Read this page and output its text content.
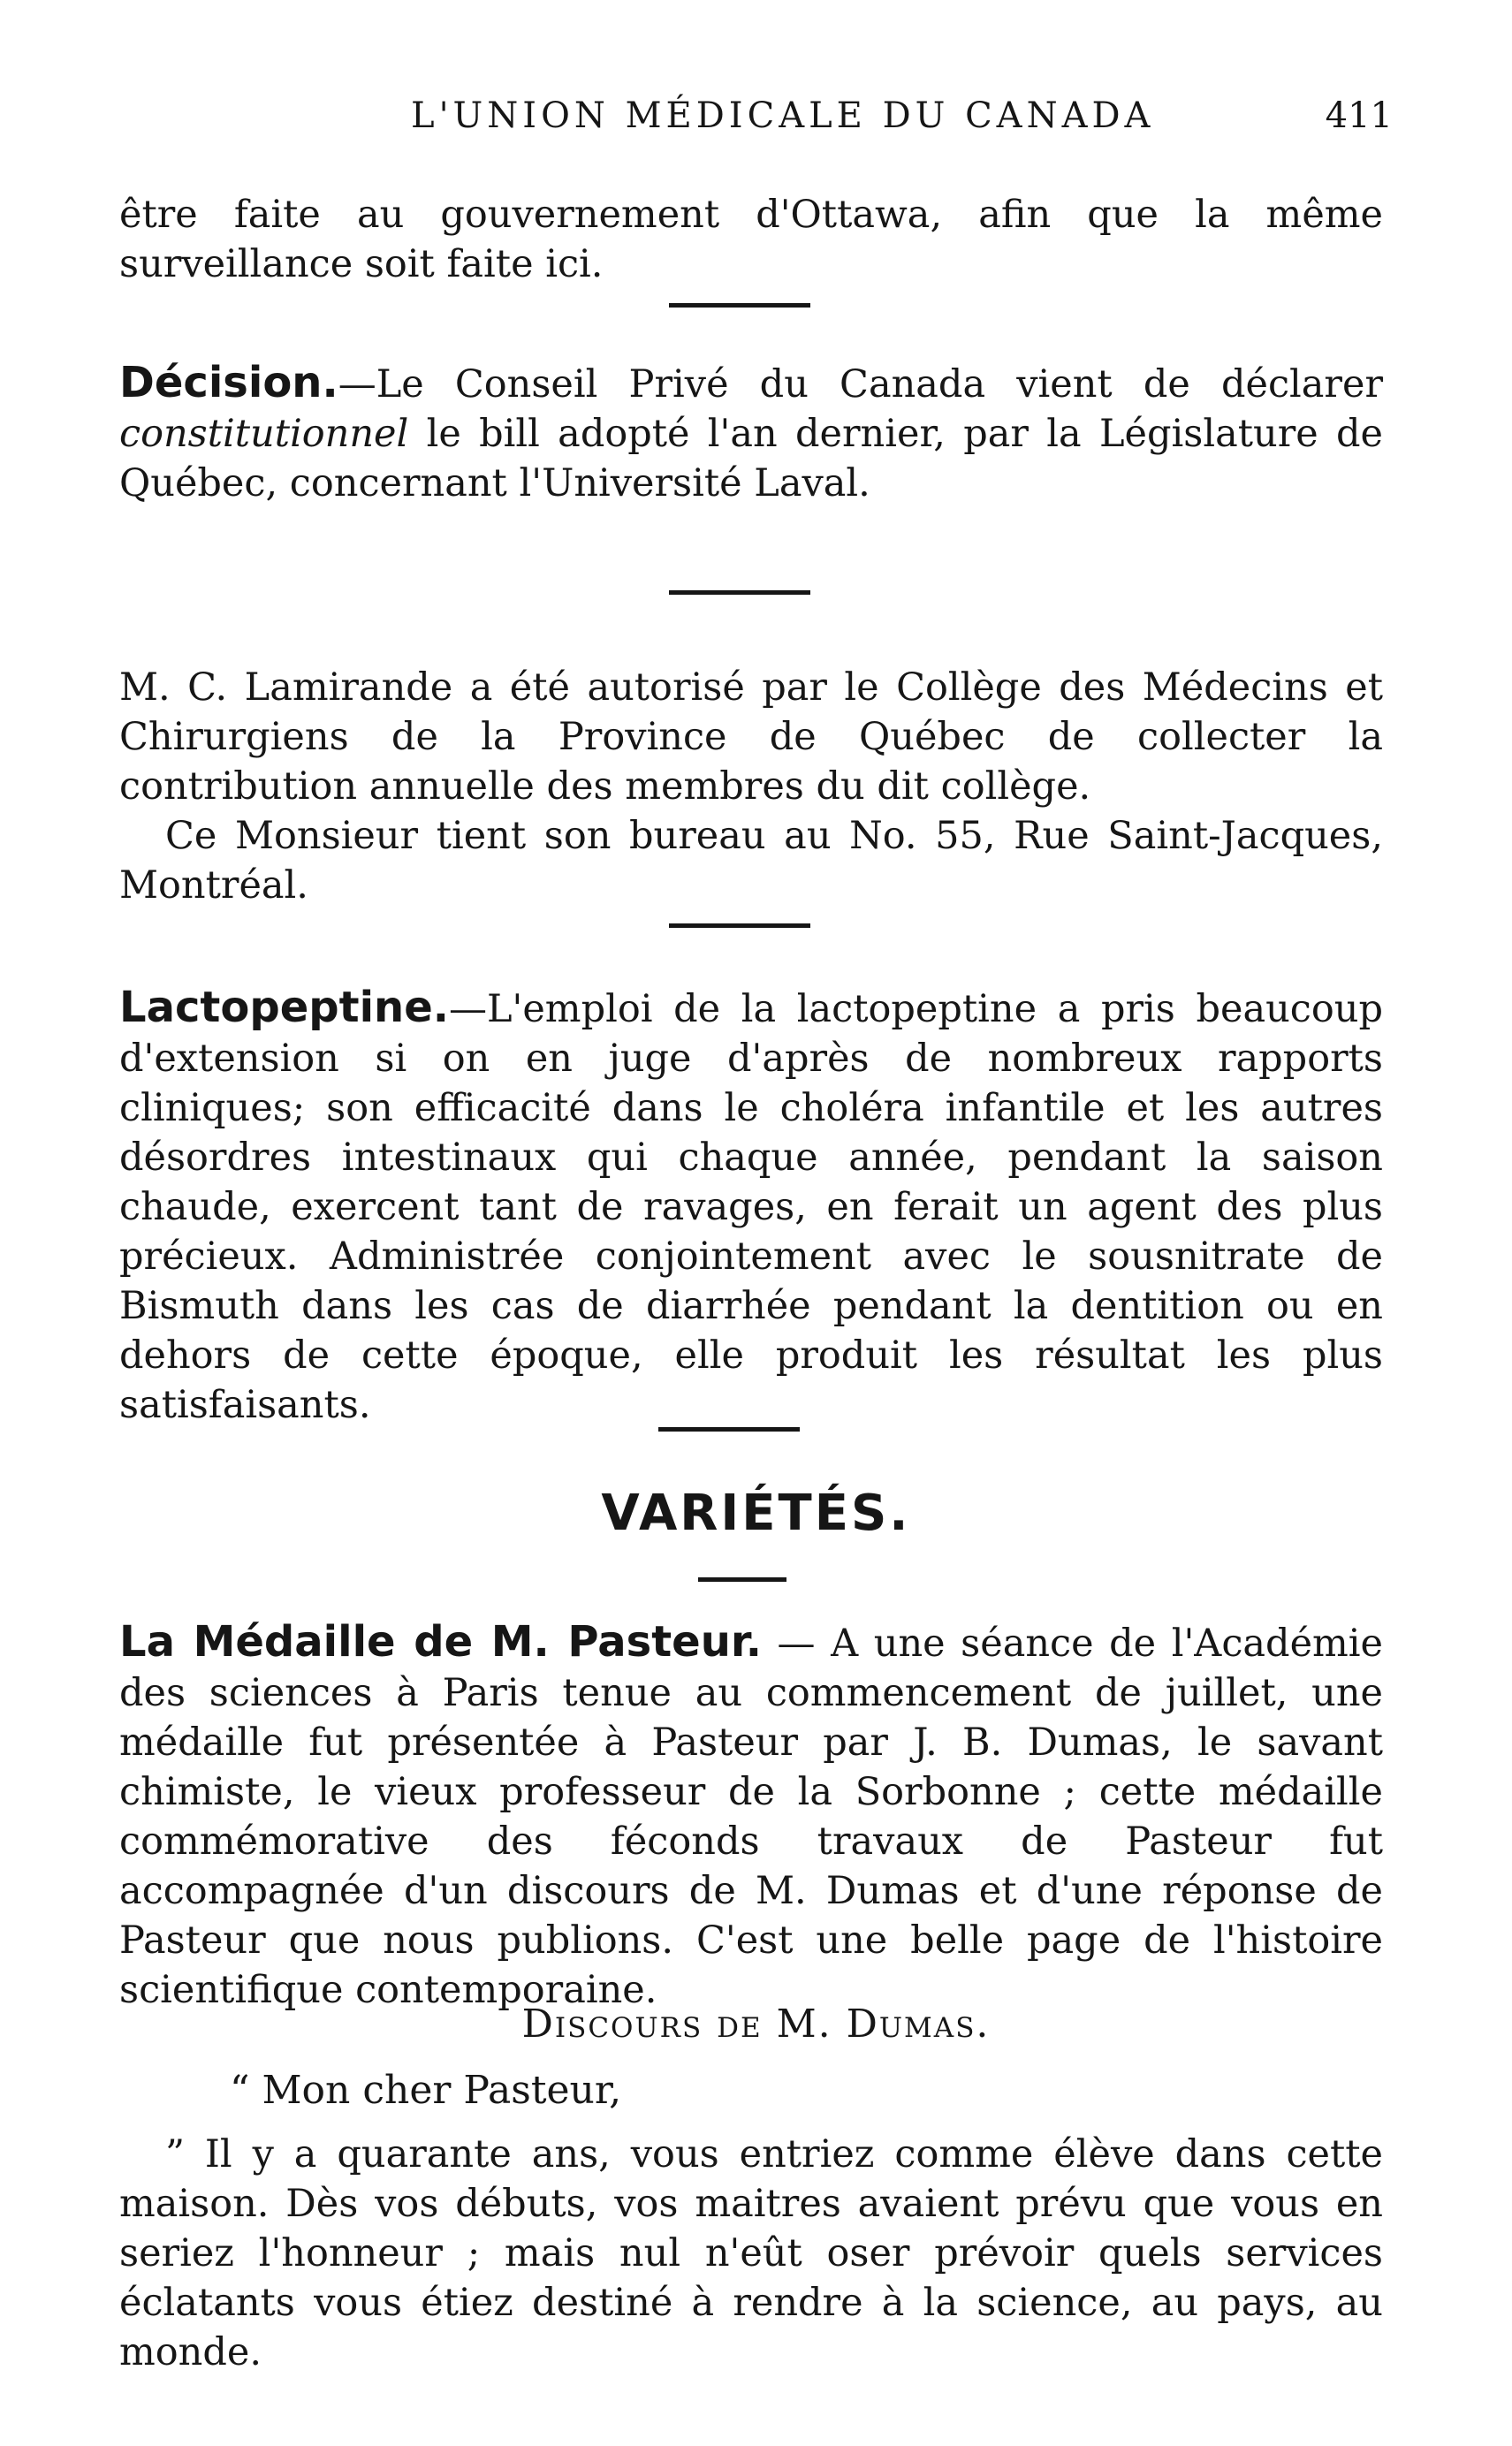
L'UNION MÉDICALE DU CANADA	411
être faite au gouvernement d'Ottawa, afin que la même surveillance soit faite ici.
Décision.—Le Conseil Privé du Canada vient de déclarer constitutionnel le bill adopté l'an dernier, par la Législature de Québec, concernant l'Université Laval.
M. C. Lamirande a été autorisé par le Collège des Médecins et Chirurgiens de la Province de Québec de collecter la contribution annuelle des membres du dit collège.
Ce Monsieur tient son bureau au No. 55, Rue Saint-Jacques, Montréal.
Lactopeptine.—L'emploi de la lactopeptine a pris beaucoup d'extension si on en juge d'après de nombreux rapports cliniques; son efficacité dans le choléra infantile et les autres désordres intestinaux qui chaque année, pendant la saison chaude, exercent tant de ravages, en ferait un agent des plus précieux. Administrée conjointement avec le sousnitrate de Bismuth dans les cas de diarrhée pendant la dentition ou en dehors de cette époque, elle produit les résultat les plus satisfaisants.
VARIÉTÉS.
La Médaille de M. Pasteur. — A une séance de l'Académie des sciences à Paris tenue au commencement de juillet, une médaille fut présentée à Pasteur par J. B. Dumas, le savant chimiste, le vieux professeur de la Sorbonne ; cette médaille commémorative des féconds travaux de Pasteur fut accompagnée d'un discours de M. Dumas et d'une réponse de Pasteur que nous publions. C'est une belle page de l'histoire scientifique contemporaine.
Discours de M. Dumas.
“ Mon cher Pasteur,
” Il y a quarante ans, vous entriez comme élève dans cette maison. Dès vos débuts, vos maitres avaient prévu que vous en seriez l'honneur ; mais nul n'eût oser prévoir quels services éclatants vous étiez destiné à rendre à la science, au pays, au monde.
